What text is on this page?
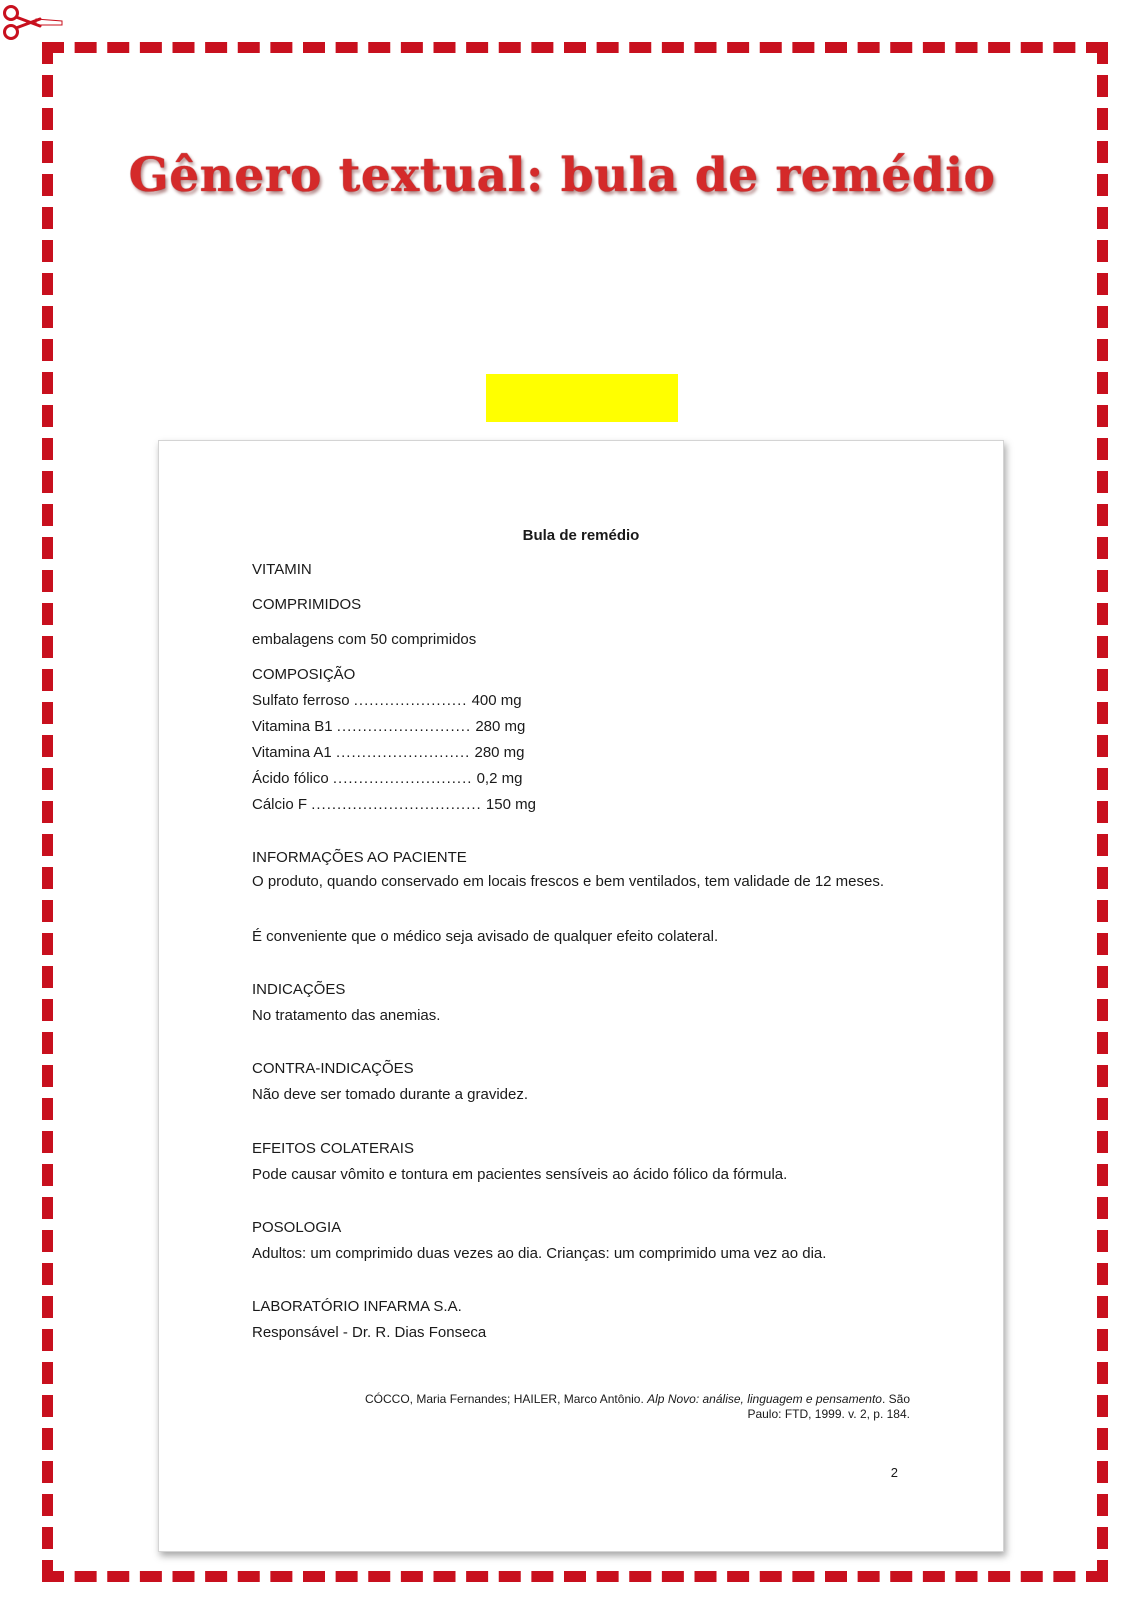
Gênero textual: bula de remédio

Bula de remédio

VITAMIN

COMPRIMIDOS

embalagens com 50 comprimidos

COMPOSIÇÃO

Sulfato ferroso ...................... 400 mg

Vitamina B1 .......................... 280 mg

Vitamina A1 .......................... 280 mg

Ácido fólico ........................... 0,2 mg

Cálcio F ................................. 150 mg

INFORMAÇÕES AO PACIENTE

O produto, quando conservado em locais frescos e bem ventilados, tem validade de 12 meses.

É conveniente que o médico seja avisado de qualquer efeito colateral.

INDICAÇÕES

No tratamento das anemias.

CONTRA-INDICAÇÕES

Não deve ser tomado durante a gravidez.

EFEITOS COLATERAIS

Pode causar vômito e tontura em pacientes sensíveis ao ácido fólico da fórmula.

POSOLOGIA

Adultos: um comprimido duas vezes ao dia. Crianças: um comprimido uma vez ao dia.

LABORATÓRIO INFARMA S.A.

Responsável - Dr. R. Dias Fonseca

CÓCCO, Maria Fernandes; HAILER, Marco Antônio. Alp Novo: análise, linguagem e pensamento. São Paulo: FTD, 1999. v. 2, p. 184.

2
